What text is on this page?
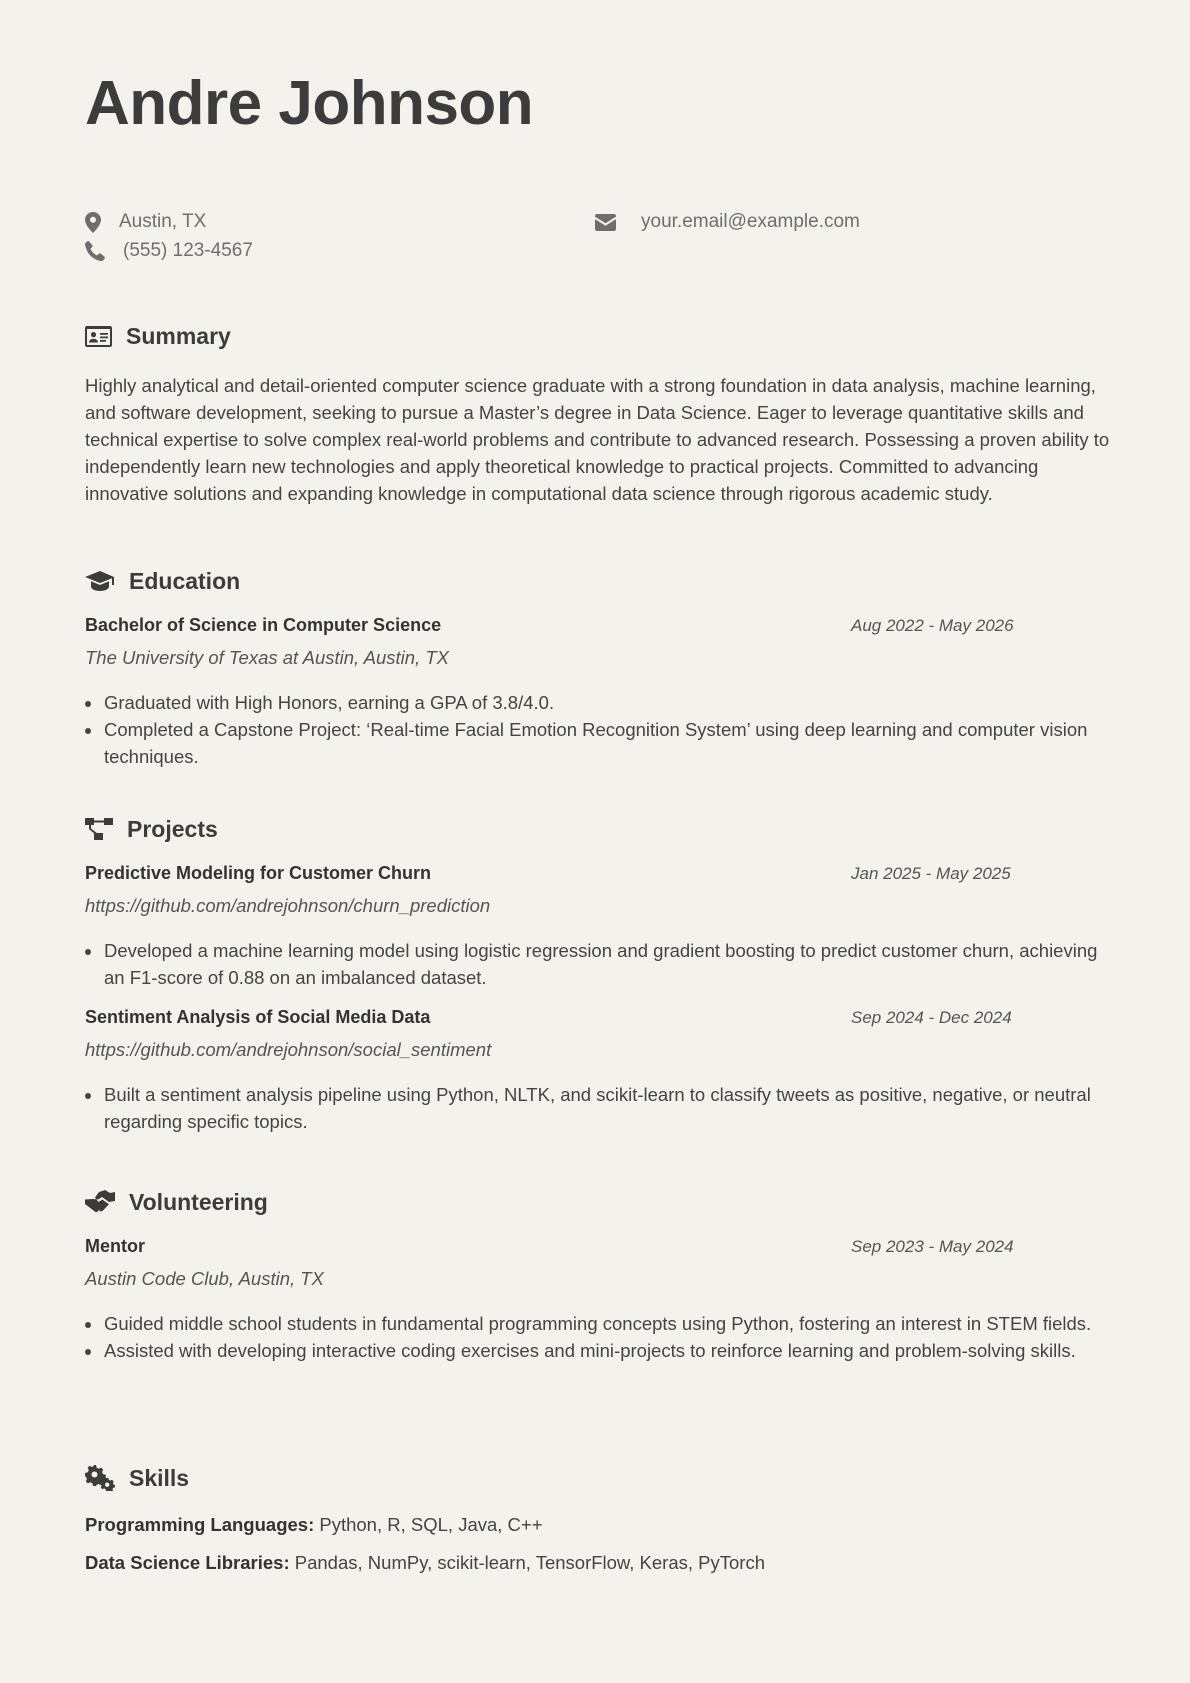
Andre Johnson
Austin, TX
(555) 123-4567
your.email@example.com
Summary

Highly analytical and detail-oriented computer science graduate with a strong foundation in data analysis, machine learning, and software development, seeking to pursue a Master’s degree in Data Science. Eager to leverage quantitative skills and technical expertise to solve complex real-world problems and contribute to advanced research. Possessing a proven ability to independently learn new technologies and apply theoretical knowledge to practical projects. Committed to advancing innovative solutions and expanding knowledge in computational data science through rigorous academic study.

Education
Bachelor of Science in Computer Science	Aug 2022 - May 2026
The University of Texas at Austin, Austin, TX
• Graduated with High Honors, earning a GPA of 3.8/4.0.
• Completed a Capstone Project: ‘Real-time Facial Emotion Recognition System’ using deep learning and computer vision techniques.
Projects
Predictive Modeling for Customer Churn	Jan 2025 - May 2025
https://github.com/andrejohnson/churn_prediction
• Developed a machine learning model using logistic regression and gradient boosting to predict customer churn, achieving an F1-score of 0.88 on an imbalanced dataset.
Sentiment Analysis of Social Media Data	Sep 2024 - Dec 2024
https://github.com/andrejohnson/social_sentiment
• Built a sentiment analysis pipeline using Python, NLTK, and scikit-learn to classify tweets as positive, negative, or neutral regarding specific topics.
Volunteering
Mentor	Sep 2023 - May 2024
Austin Code Club, Austin, TX
• Guided middle school students in fundamental programming concepts using Python, fostering an interest in STEM fields.
• Assisted with developing interactive coding exercises and mini-projects to reinforce learning and problem-solving skills.
Skills
Programming Languages: Python, R, SQL, Java, C++
Data Science Libraries: Pandas, NumPy, scikit-learn, TensorFlow, Keras, PyTorch
